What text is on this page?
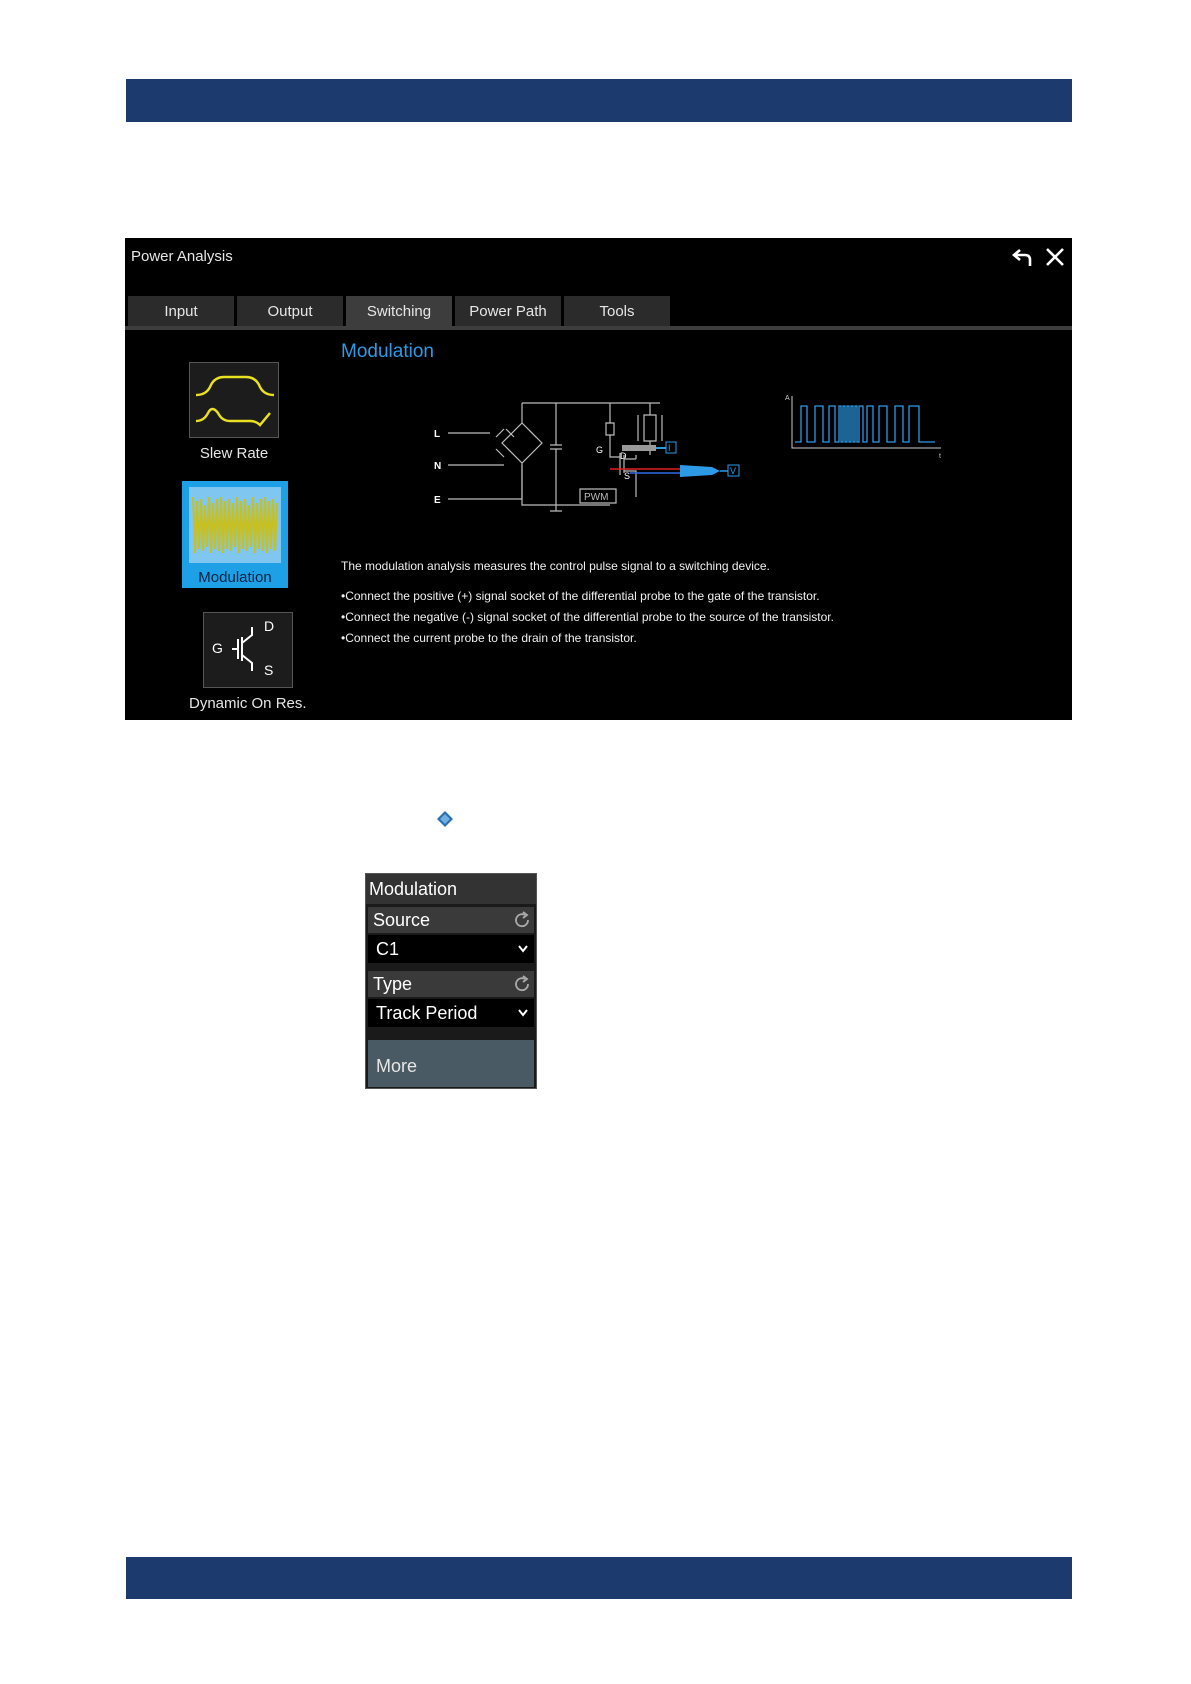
Power Analysis
Input	Output	Switching	Power Path	Tools
Slew Rate
Modulation
G
D
S
Dynamic On Res.
Modulation
L
N
E
G
D
S
PWM
I
V
A
t
The modulation analysis measures the control pulse signal to a switching device.
• Connect the positive (+) signal socket of the differential probe to the gate of the transistor.
• Connect the negative (-) signal socket of the differential probe to the source of the transistor.
• Connect the current probe to the drain of the transistor.
Modulation
Source
C1
Type
Track Period
More
